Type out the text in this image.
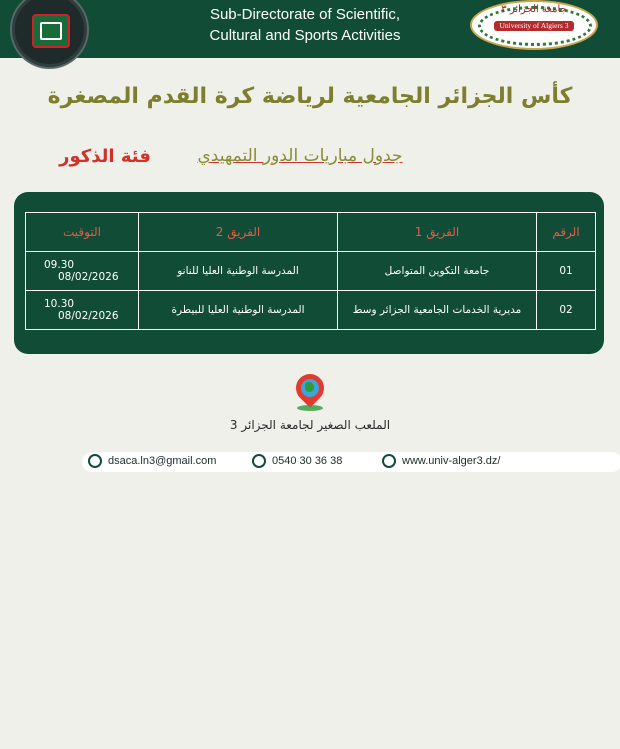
Sub-Directorate of Scientific,
Cultural and Sports Activities
جامعة الجزائر ٣
University of Algiers 3
كأس الجزائر الجامعية لرياضة كرة القدم المصغرة
جدول مباريات الدور التمهيدي
فئة الذكور
الرقم	الفريق 1	الفريق 2	التوقيت
01	جامعة التكوين المتواصل	المدرسة الوطنية العليا للنانو	09.30 08/02/2026
02	مديرية الخدمات الجامعية الجزائر وسط	المدرسة الوطنية العليا للبيطرة	10.30 08/02/2026
الملعب الصغير لجامعة الجزائر 3
dsaca.ln3@gmail.com	0540 30 36 38	www.univ-alger3.dz/
